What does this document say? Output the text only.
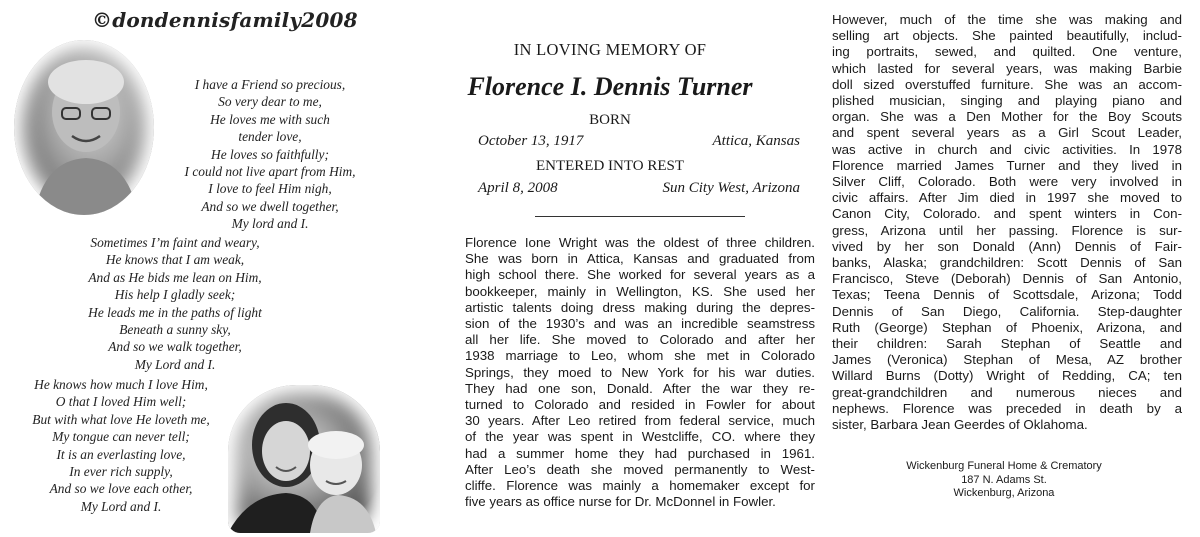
©dondennisfamily2008
I have a Friend so precious,
So very dear to me,
He loves me with such
tender love,
He loves so faithfully;
I could not live apart from Him,
I love to feel Him nigh,
And so we dwell together,
My lord and I.
Sometimes I’m faint and weary,
He knows that I am weak,
And as He bids me lean on Him,
His help I gladly seek;
He leads me in the paths of light
Beneath a sunny sky,
And so we walk together,
My Lord and I.
He knows how much I love Him,
O that I loved Him well;
But with what love He loveth me,
My tongue can never tell;
It is an everlasting love,
In ever rich supply,
And so we love each other,
My Lord and I.
IN LOVING MEMORY OF
Florence I. Dennis Turner
BORN
October 13, 1917	Attica, Kansas
ENTERED INTO REST
April 8, 2008	Sun City West, Arizona
Florence Ione Wright was the oldest of three children.
She was born in Attica, Kansas and graduated from
high school there. She worked for several years as a
bookkeeper, mainly in Wellington, KS. She used her
artistic talents doing dress making during the depres-
sion of the 1930’s and was an incredible seamstress
all her life. She moved to Colorado and after her
1938 marriage to Leo, whom she met in Colorado
Springs, they moed to New York for his war duties.
They had one son, Donald. After the war they re-
turned to Colorado and resided in Fowler for about
30 years. After Leo retired from federal service, much
of the year was spent in Westcliffe, CO. where they
had a summer home they had purchased in 1961.
After Leo’s death she moved permanently to West-
cliffe. Florence was mainly a homemaker except for
five years as office nurse for Dr. McDonnel in Fowler.
However, much of the time she was making and
selling art objects. She painted beautifully, includ-
ing portraits, sewed, and quilted. One venture,
which lasted for several years, was making Barbie
doll sized overstuffed furniture. She was an accom-
plished musician, singing and playing piano and
organ. She was a Den Mother for the Boy Scouts
and spent several years as a Girl Scout Leader,
was active in church and civic activities. In 1978
Florence married James Turner and they lived in
Silver Cliff, Colorado. Both were very involved in
civic affairs. After Jim died in 1997 she moved to
Canon City, Colorado. and spent winters in Con-
gress, Arizona until her passing. Florence is sur-
vived by her son Donald (Ann) Dennis of Fair-
banks, Alaska; grandchildren: Scott Dennis of San
Francisco, Steve (Deborah) Dennis of San Antonio,
Texas; Teena Dennis of Scottsdale, Arizona; Todd
Dennis of San Diego, California. Step-daughter
Ruth (George) Stephan of Phoenix, Arizona, and
their children: Sarah Stephan of Seattle and
James (Veronica) Stephan of Mesa, AZ brother
Willard Burns (Dotty) Wright of Redding, CA; ten
great-grandchildren and numerous nieces and
nephews. Florence was preceded in death by a
sister, Barbara Jean Geerdes of Oklahoma.
Wickenburg Funeral Home & Crematory
187 N. Adams St.
Wickenburg, Arizona
